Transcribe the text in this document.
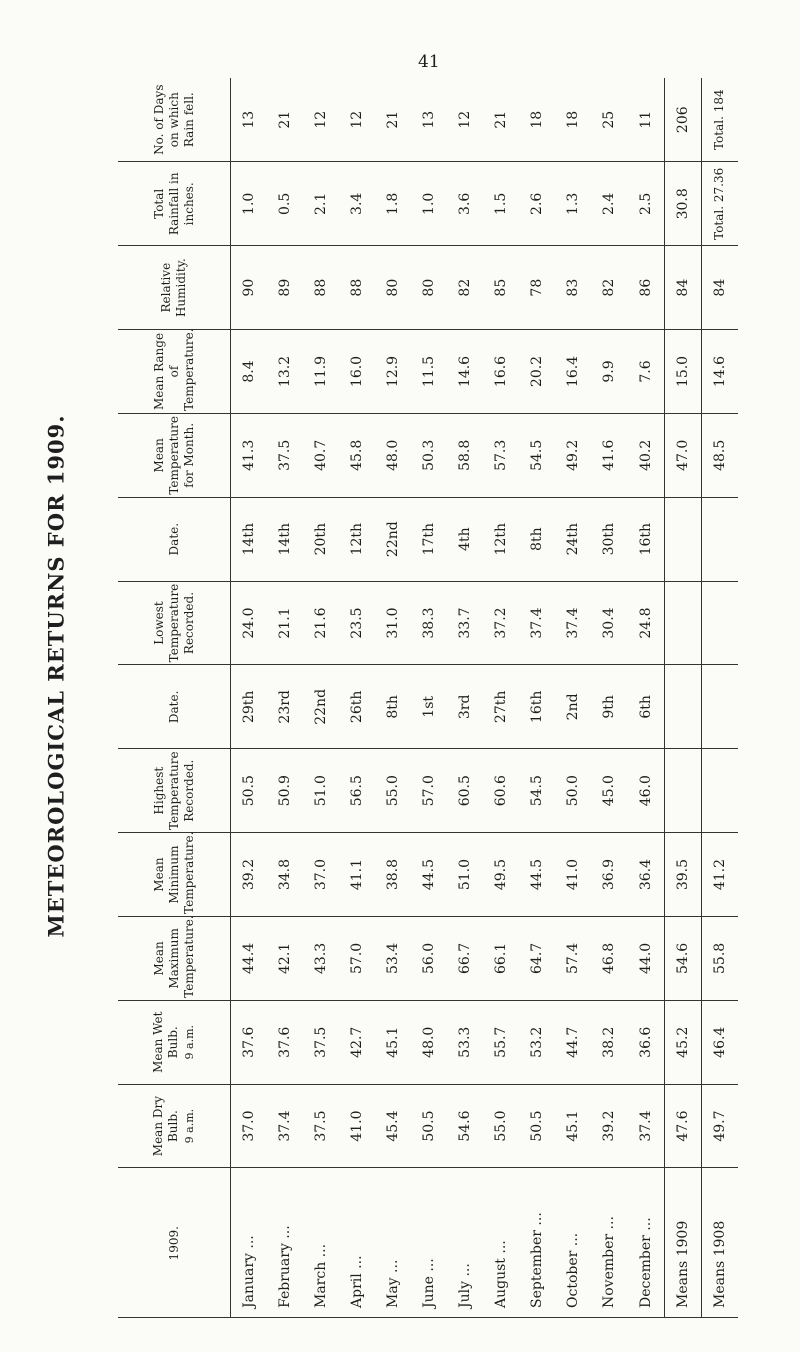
METEOROLOGICAL RETURNS FOR 1909.
41
1909.	Mean Dry Bulb. 9 a.m.	Mean Wet Bulb. 9 a.m.	Mean Maximum Temperature.	Mean Minimum Temperature.	Highest Temperature Recorded.	Date.	Lowest Temperature Recorded.	Date.	Mean Temperature for Month.	Mean Range of Temperature.	Relative Humidity.	Total Rainfall in inches.	No. of Days on which Rain fell.
January ...	37.0	37.6	44.4	39.2	50.5	29th	24.0	14th	41.3	8.4	90	1.0	13
February ...	37.4	37.6	42.1	34.8	50.9	23rd	21.1	14th	37.5	13.2	89	0.5	21
March ...	37.5	37.5	43.3	37.0	51.0	22nd	21.6	20th	40.7	11.9	88	2.1	12
April ...	41.0	42.7	57.0	41.1	56.5	26th	23.5	12th	45.8	16.0	88	3.4	12
May ...	45.4	45.1	53.4	38.8	55.0	8th	31.0	22nd	48.0	12.9	80	1.8	21
June ...	50.5	48.0	56.0	44.5	57.0	1st	38.3	17th	50.3	11.5	80	1.0	13
July ...	54.6	53.3	66.7	51.0	60.5	3rd	33.7	4th	58.8	14.6	82	3.6	12
August ...	55.0	55.7	66.1	49.5	60.6	27th	37.2	12th	57.3	16.6	85	1.5	21
September ...	50.5	53.2	64.7	44.5	54.5	16th	37.4	8th	54.5	20.2	78	2.6	18
October ...	45.1	44.7	57.4	41.0	50.0	2nd	37.4	24th	49.2	16.4	83	1.3	18
November ...	39.2	38.2	46.8	36.9	45.0	9th	30.4	30th	41.6	9.9	82	2.4	25
December ...	37.4	36.6	44.0	36.4	46.0	6th	24.8	16th	40.2	7.6	86	2.5	11
Means 1909	47.6	45.2	54.6	39.5					47.0	15.0	84	30.8	206
Means 1908	49.7	46.4	55.8	41.2					48.5	14.6	84	Total. 27.36	Total. 184
